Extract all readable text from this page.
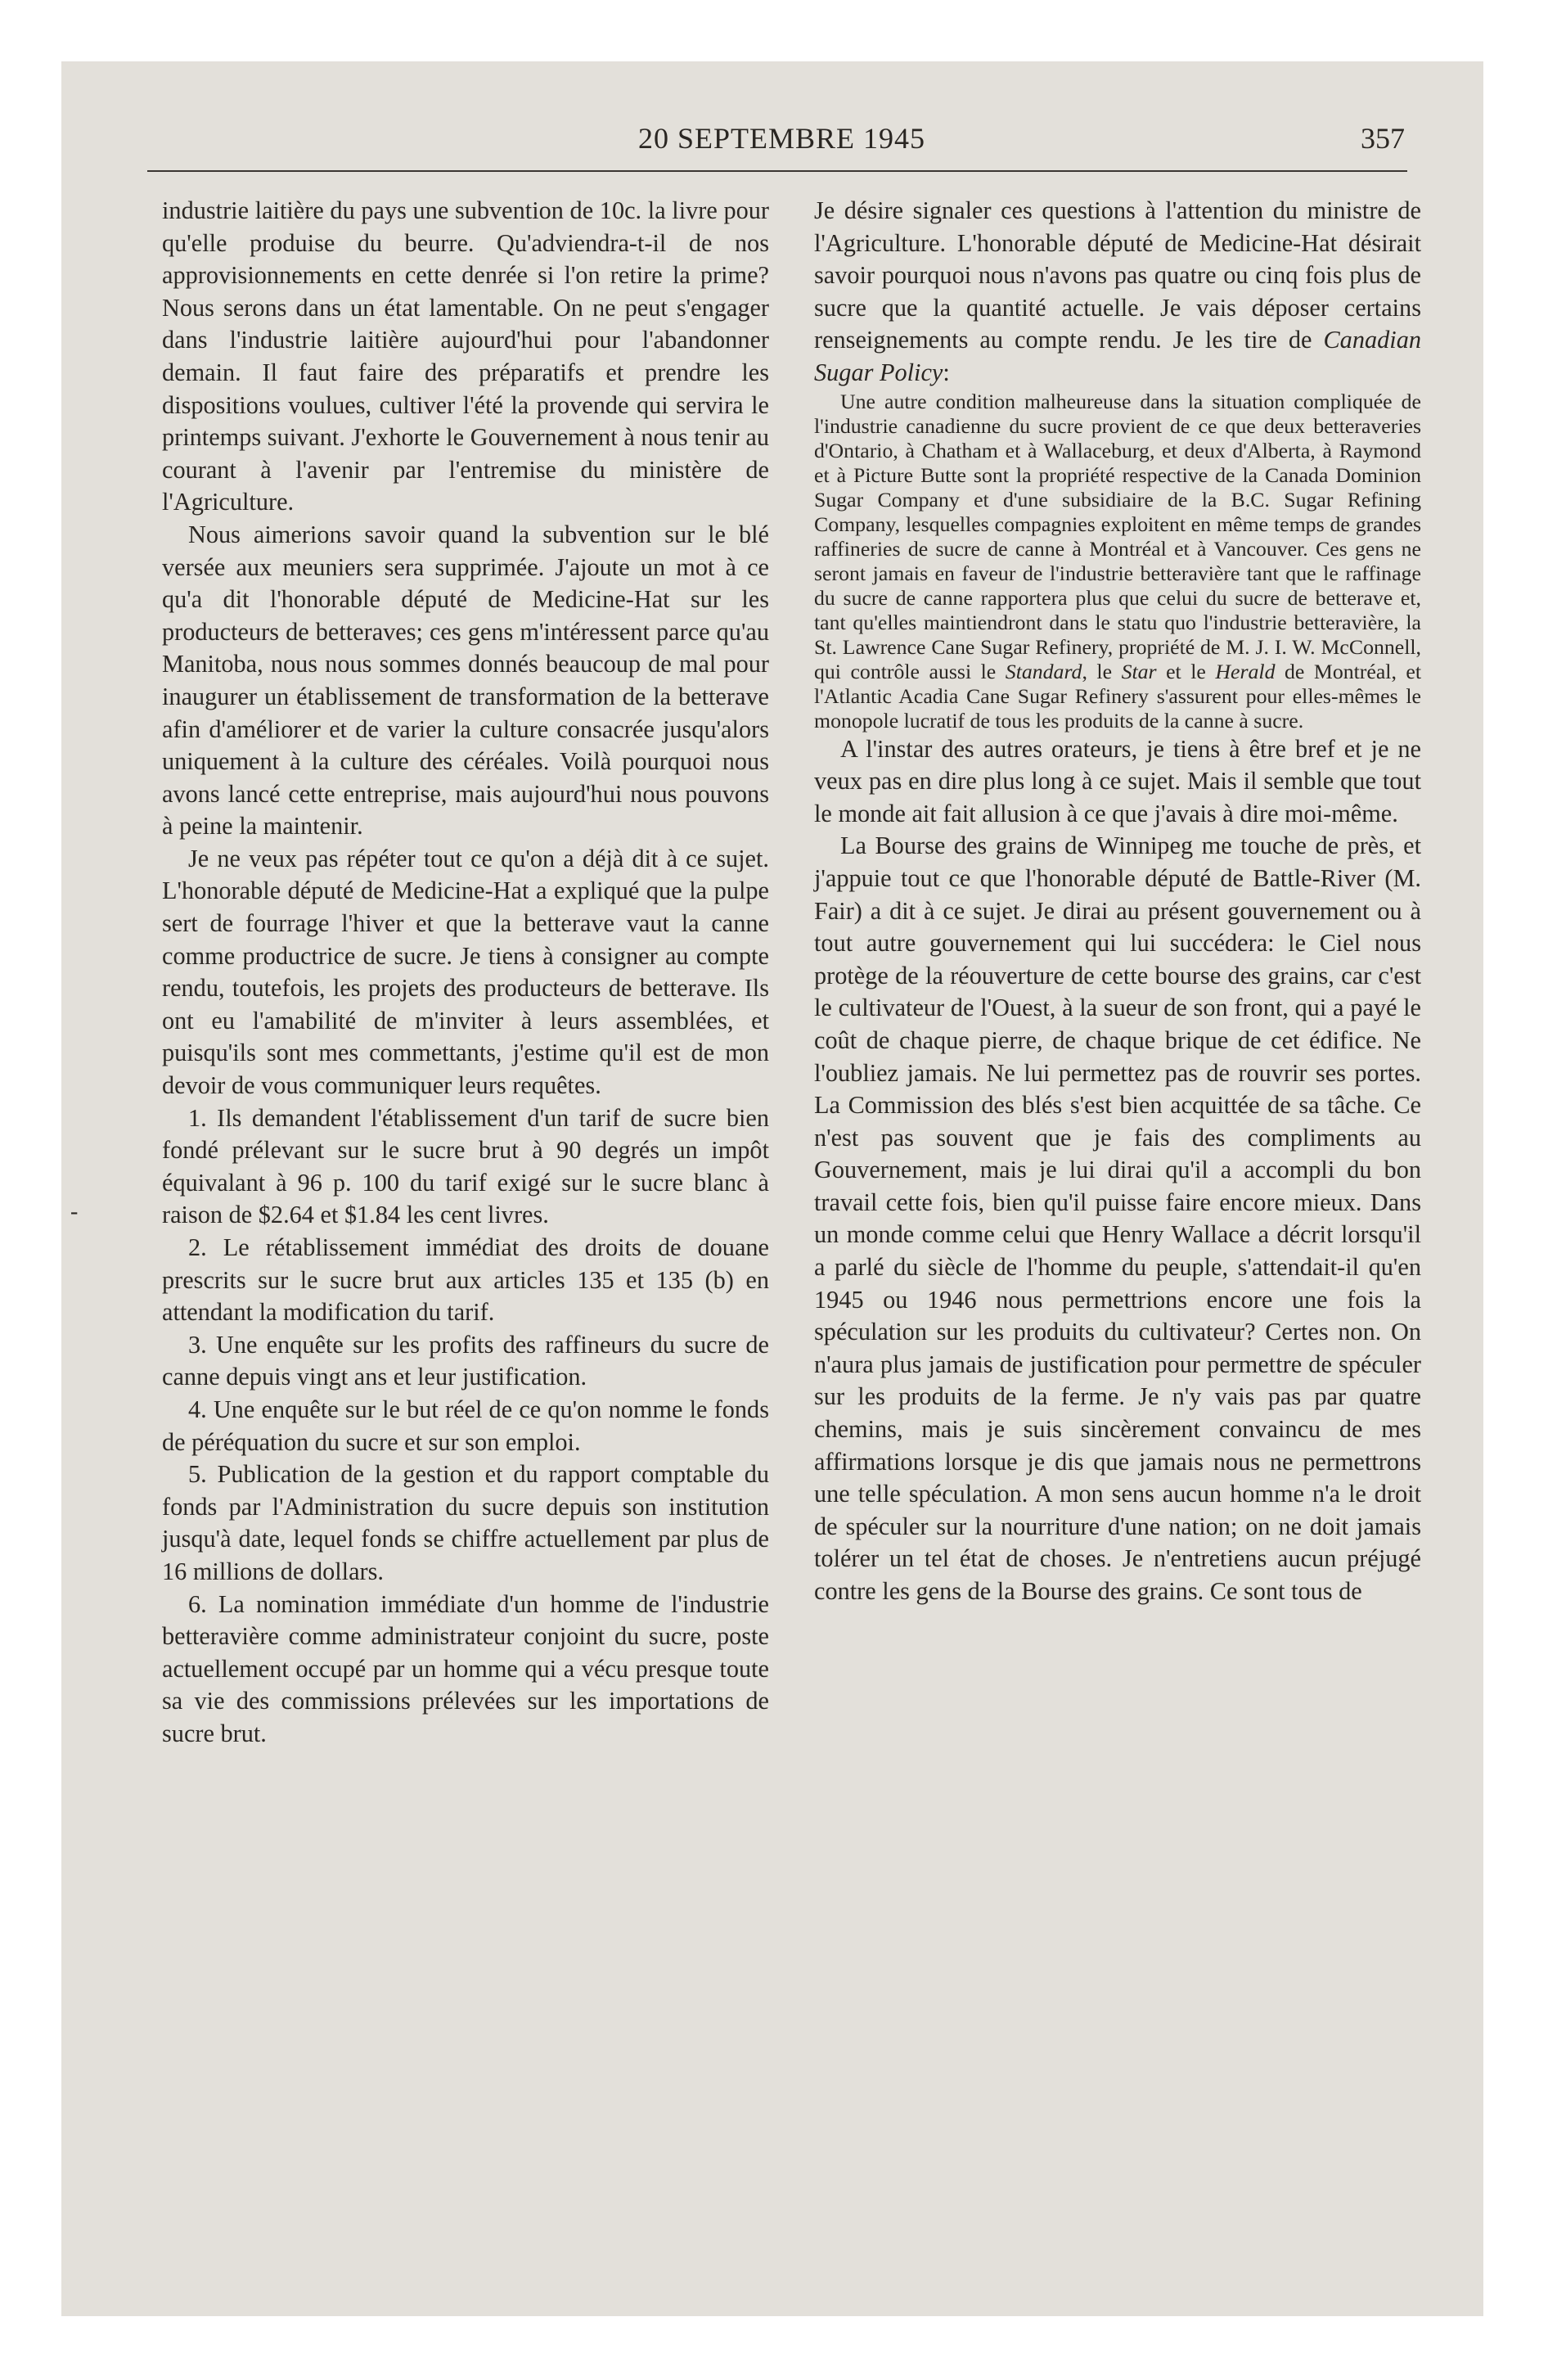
20 SEPTEMBRE 1945	357
-

industrie laitière du pays une subvention de 10c. la livre pour qu'elle produise du beurre. Qu'adviendra-t-il de nos approvisionnements en cette denrée si l'on retire la prime? Nous serons dans un état lamentable. On ne peut s'engager dans l'industrie laitière aujourd'hui pour l'abandonner demain. Il faut faire des préparatifs et prendre les dispositions voulues, cultiver l'été la provende qui servira le printemps suivant. J'exhorte le Gouvernement à nous tenir au courant à l'avenir par l'entremise du ministère de l'Agriculture.

Nous aimerions savoir quand la subvention sur le blé versée aux meuniers sera supprimée. J'ajoute un mot à ce qu'a dit l'honorable député de Medicine-Hat sur les producteurs de betteraves; ces gens m'intéressent parce qu'au Manitoba, nous nous sommes donnés beaucoup de mal pour inaugurer un établissement de transformation de la betterave afin d'améliorer et de varier la culture consacrée jusqu'alors uniquement à la culture des céréales. Voilà pourquoi nous avons lancé cette entreprise, mais aujourd'hui nous pouvons à peine la maintenir.

Je ne veux pas répéter tout ce qu'on a déjà dit à ce sujet. L'honorable député de Medicine-Hat a expliqué que la pulpe sert de fourrage l'hiver et que la betterave vaut la canne comme productrice de sucre. Je tiens à consigner au compte rendu, toutefois, les projets des producteurs de betterave. Ils ont eu l'amabilité de m'inviter à leurs assemblées, et puisqu'ils sont mes commettants, j'estime qu'il est de mon devoir de vous communiquer leurs requêtes.

1. Ils demandent l'établissement d'un tarif de sucre bien fondé prélevant sur le sucre brut à 90 degrés un impôt équivalant à 96 p. 100 du tarif exigé sur le sucre blanc à raison de $2.64 et $1.84 les cent livres.

2. Le rétablissement immédiat des droits de douane prescrits sur le sucre brut aux articles 135 et 135 (b) en attendant la modification du tarif.

3. Une enquête sur les profits des raffineurs du sucre de canne depuis vingt ans et leur justification.

4. Une enquête sur le but réel de ce qu'on nomme le fonds de péréquation du sucre et sur son emploi.

5. Publication de la gestion et du rapport comptable du fonds par l'Administration du sucre depuis son institution jusqu'à date, lequel fonds se chiffre actuellement par plus de 16 millions de dollars.

6. La nomination immédiate d'un homme de l'industrie betteravière comme administrateur conjoint du sucre, poste actuellement occupé par un homme qui a vécu presque toute sa vie des commissions prélevées sur les importations de sucre brut.

Je désire signaler ces questions à l'attention du ministre de l'Agriculture. L'honorable député de Medicine-Hat désirait savoir pourquoi nous n'avons pas quatre ou cinq fois plus de sucre que la quantité actuelle. Je vais déposer certains renseignements au compte rendu. Je les tire de Canadian Sugar Policy:

Une autre condition malheureuse dans la situation compliquée de l'industrie canadienne du sucre provient de ce que deux betteraveries d'Ontario, à Chatham et à Wallaceburg, et deux d'Alberta, à Raymond et à Picture Butte sont la propriété respective de la Canada Dominion Sugar Company et d'une subsidiaire de la B.C. Sugar Refining Company, lesquelles compagnies exploitent en même temps de grandes raffineries de sucre de canne à Montréal et à Vancouver. Ces gens ne seront jamais en faveur de l'industrie betteravière tant que le raffinage du sucre de canne rapportera plus que celui du sucre de betterave et, tant qu'elles maintiendront dans le statu quo l'industrie betteravière, la St. Lawrence Cane Sugar Refinery, propriété de M. J. I. W. McConnell, qui contrôle aussi le Standard, le Star et le Herald de Montréal, et l'Atlantic Acadia Cane Sugar Refinery s'assurent pour elles-mêmes le monopole lucratif de tous les produits de la canne à sucre.

A l'instar des autres orateurs, je tiens à être bref et je ne veux pas en dire plus long à ce sujet. Mais il semble que tout le monde ait fait allusion à ce que j'avais à dire moi-même.

La Bourse des grains de Winnipeg me touche de près, et j'appuie tout ce que l'honorable député de Battle-River (M. Fair) a dit à ce sujet. Je dirai au présent gouvernement ou à tout autre gouvernement qui lui succédera: le Ciel nous protège de la réouverture de cette bourse des grains, car c'est le cultivateur de l'Ouest, à la sueur de son front, qui a payé le coût de chaque pierre, de chaque brique de cet édifice. Ne l'oubliez jamais. Ne lui permettez pas de rouvrir ses portes. La Commission des blés s'est bien acquittée de sa tâche. Ce n'est pas souvent que je fais des compliments au Gouvernement, mais je lui dirai qu'il a accompli du bon travail cette fois, bien qu'il puisse faire encore mieux. Dans un monde comme celui que Henry Wallace a décrit lorsqu'il a parlé du siècle de l'homme du peuple, s'attendait-il qu'en 1945 ou 1946 nous permettrions encore une fois la spéculation sur les produits du cultivateur? Certes non. On n'aura plus jamais de justification pour permettre de spéculer sur les produits de la ferme. Je n'y vais pas par quatre chemins, mais je suis sincèrement convaincu de mes affirmations lorsque je dis que jamais nous ne permettrons une telle spéculation. A mon sens aucun homme n'a le droit de spéculer sur la nourriture d'une nation; on ne doit jamais tolérer un tel état de choses. Je n'entretiens aucun préjugé contre les gens de la Bourse des grains. Ce sont tous de
